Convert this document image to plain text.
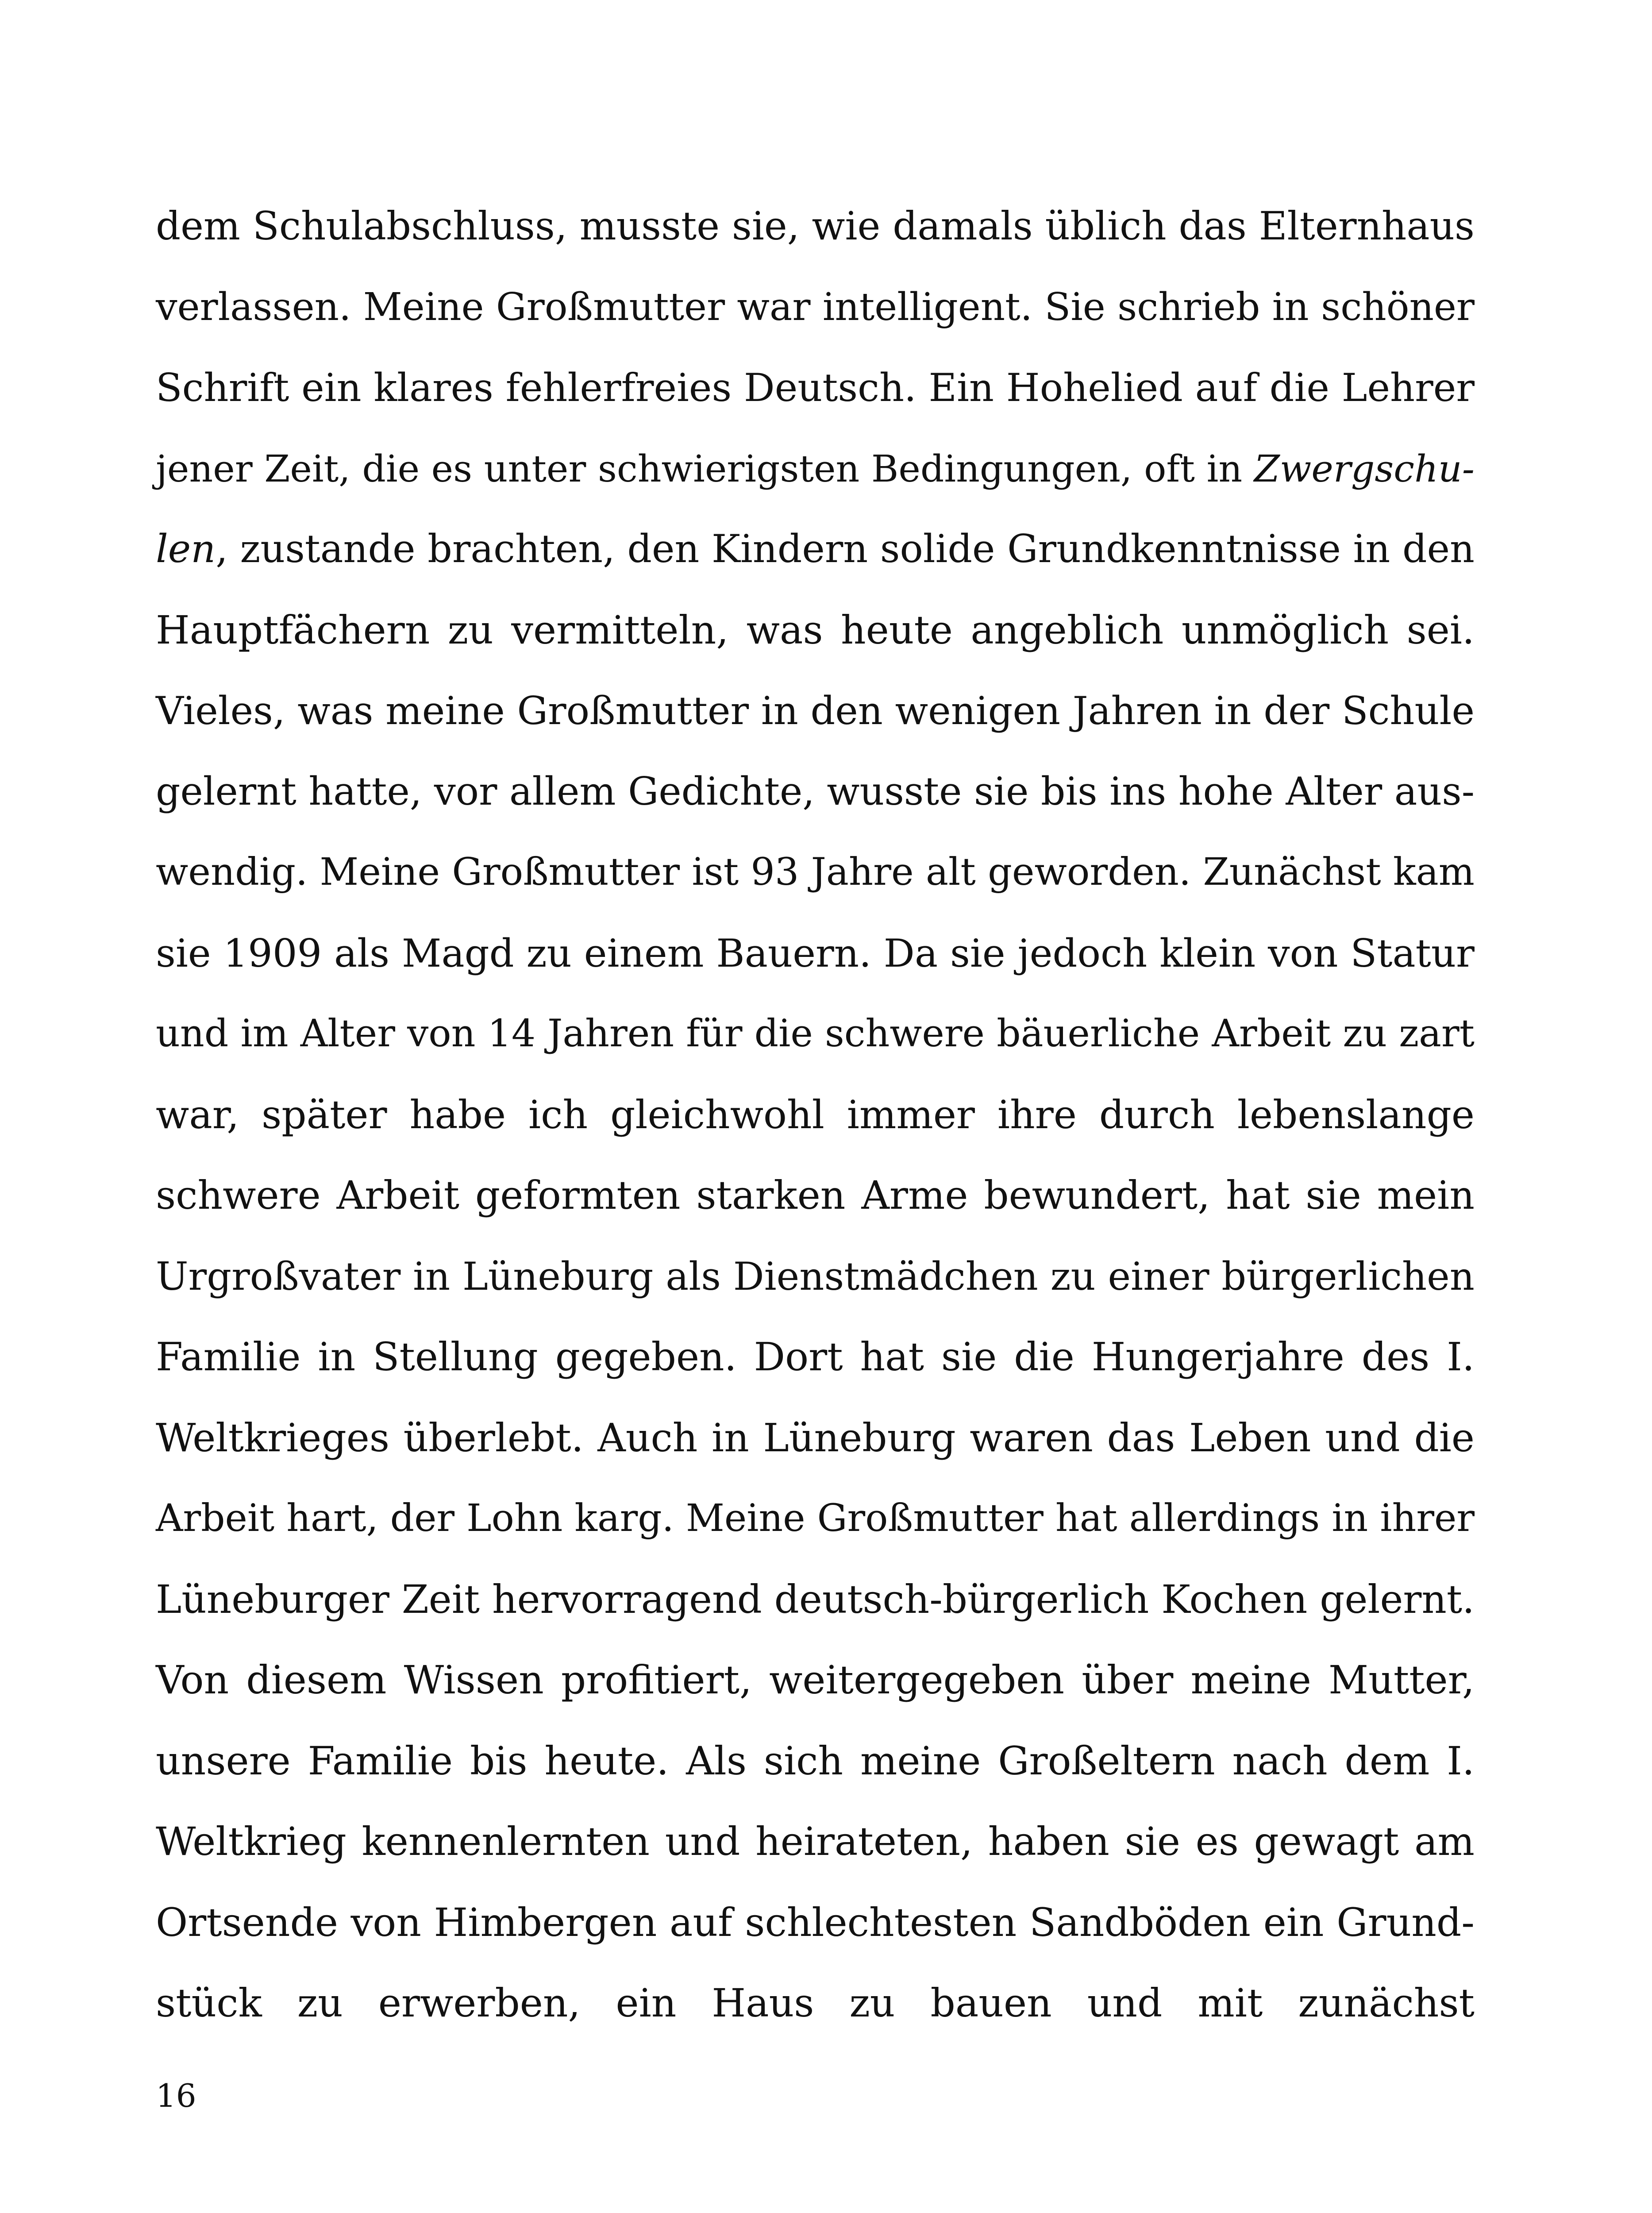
dem Schulabschluss, musste sie, wie damals üblich das Elternhaus
verlassen. Meine Großmutter war intelligent. Sie schrieb in schöner
Schrift ein klares fehlerfreies Deutsch. Ein Hohelied auf die Lehrer
jener Zeit, die es unter schwierigsten Bedingungen, oft in Zwergschu-
len, zustande brachten, den Kindern solide Grundkenntnisse in den
Hauptfächern zu vermitteln, was heute angeblich unmöglich sei.
Vieles, was meine Großmutter in den wenigen Jahren in der Schule
gelernt hatte, vor allem Gedichte, wusste sie bis ins hohe Alter aus-
wendig. Meine Großmutter ist 93 Jahre alt geworden. Zunächst kam
sie 1909 als Magd zu einem Bauern. Da sie jedoch klein von Statur
und im Alter von 14 Jahren für die schwere bäuerliche Arbeit zu zart
war, später habe ich gleichwohl immer ihre durch lebenslange
schwere Arbeit geformten starken Arme bewundert, hat sie mein
Urgroßvater in Lüneburg als Dienstmädchen zu einer bürgerlichen
Familie in Stellung gegeben. Dort hat sie die Hungerjahre des I.
Weltkrieges überlebt. Auch in Lüneburg waren das Leben und die
Arbeit hart, der Lohn karg. Meine Großmutter hat allerdings in ihrer
Lüneburger Zeit hervorragend deutsch-bürgerlich Kochen gelernt.
Von diesem Wissen profitiert, weitergegeben über meine Mutter,
unsere Familie bis heute. Als sich meine Großeltern nach dem I.
Weltkrieg kennenlernten und heirateten, haben sie es gewagt am
Ortsende von Himbergen auf schlechtesten Sandböden ein Grund-
stück zu erwerben, ein Haus zu bauen und mit zunächst
16
